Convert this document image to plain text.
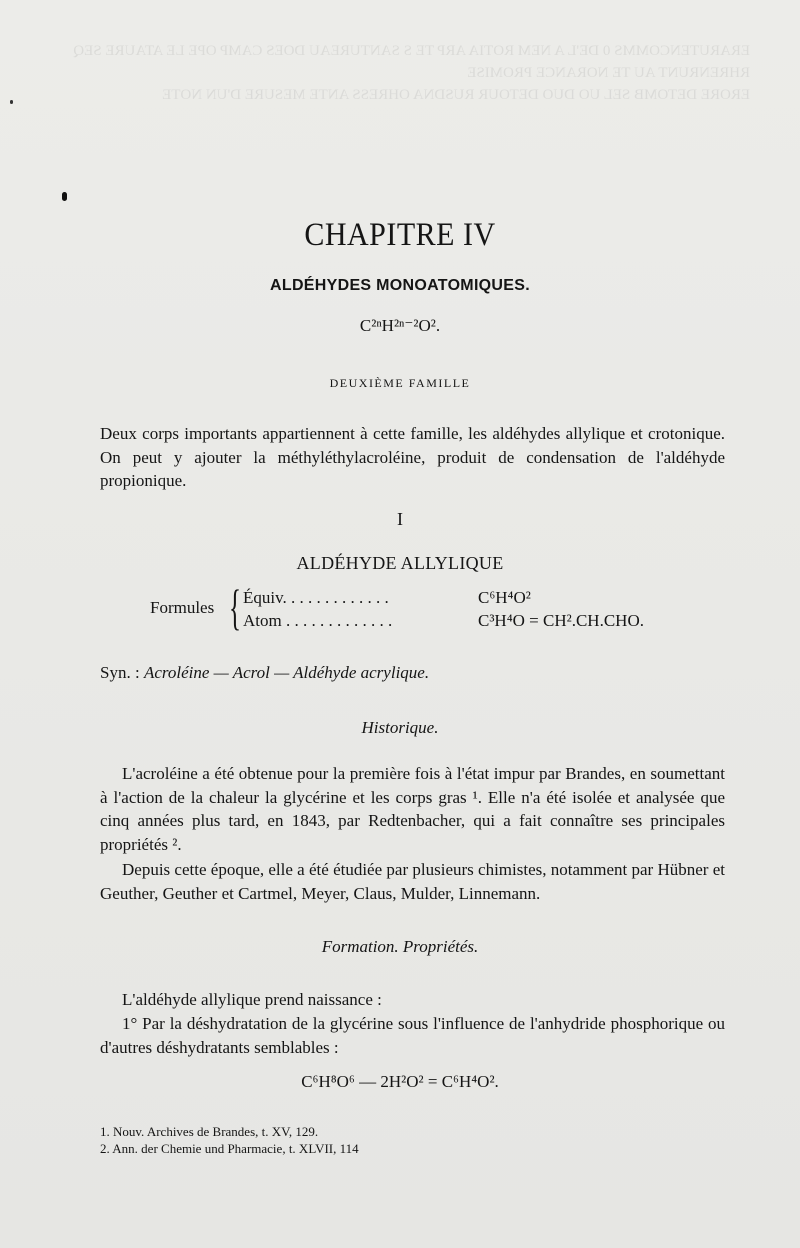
ERARUTENCOMMS 0 DE'L A NEM ROTIA ARP TE S SANTUREAU DOES CAMP OPE LE ATAURE SEQ RHRENRUNT AU TE NORANCE PROMISE
ERORE DETOMB SEL UO DUO DETOUR RUSDNA OHRESS ANTE MESURE D'UN NOTE
CHAPITRE IV
ALDÉHYDES MONOATOMIQUES.
C²ⁿH²ⁿ⁻²O².
DEUXIÈME FAMILLE
Deux corps importants appartiennent à cette famille, les aldéhydes allylique et crotonique. On peut y ajouter la méthyléthylacroléine, produit de condensation de l'aldéhyde propionique.
I
ALDÉHYDE ALLYLIQUE
Formules { Équiv. . . . . . . . . . . . .	C⁶H⁴O²
Atom . . . . . . . . . . . . .	C³H⁴O = CH².CH.CHO.
Syn. : Acroléine — Acrol — Aldéhyde acrylique.
Historique.
L'acroléine a été obtenue pour la première fois à l'état impur par Brandes, en soumettant à l'action de la chaleur la glycérine et les corps gras ¹. Elle n'a été isolée et analysée que cinq années plus tard, en 1843, par Redtenbacher, qui a fait connaître ses principales propriétés ².
Depuis cette époque, elle a été étudiée par plusieurs chimistes, notamment par Hübner et Geuther, Geuther et Cartmel, Meyer, Claus, Mulder, Linnemann.
Formation. Propriétés.
L'aldéhyde allylique prend naissance :
1° Par la déshydratation de la glycérine sous l'influence de l'anhydride phosphorique ou d'autres déshydratants semblables :
C⁶H⁸O⁶ — 2H²O² = C⁶H⁴O².
1. Nouv. Archives de Brandes, t. XV, 129.
2. Ann. der Chemie und Pharmacie, t. XLVII, 114
